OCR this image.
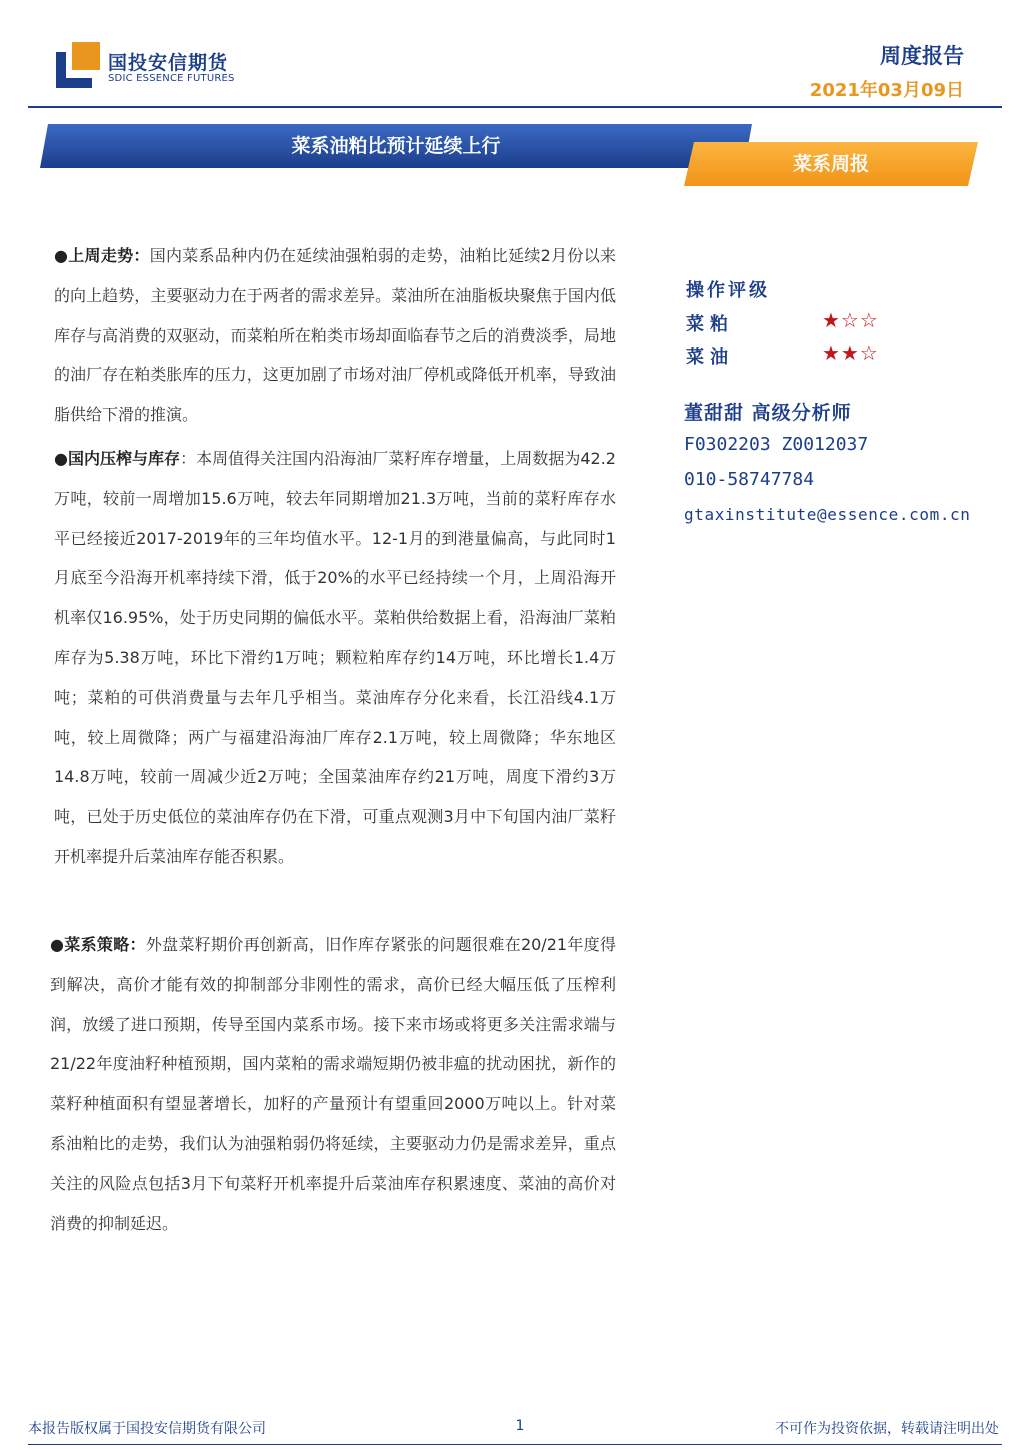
国投安信期货
SDIC ESSENCE FUTURES
周度报告
2021年03月09日
菜系油粕比预计延续上行
菜系周报
●上周走势：国内菜系品种内仍在延续油强粕弱的走势，油粕比延续2月份以来的向上趋势，主要驱动力在于两者的需求差异。菜油所在油脂板块聚焦于国内低库存与高消费的双驱动，而菜粕所在粕类市场却面临春节之后的消费淡季，局地的油厂存在粕类胀库的压力，这更加剧了市场对油厂停机或降低开机率，导致油脂供给下滑的推演。
●国内压榨与库存：本周值得关注国内沿海油厂菜籽库存增量，上周数据为42.2万吨，较前一周增加15.6万吨，较去年同期增加21.3万吨，当前的菜籽库存水平已经接近2017-2019年的三年均值水平。12-1月的到港量偏高，与此同时1月底至今沿海开机率持续下滑，低于20%的水平已经持续一个月，上周沿海开机率仅16.95%，处于历史同期的偏低水平。菜粕供给数据上看，沿海油厂菜粕库存为5.38万吨，环比下滑约1万吨；颗粒粕库存约14万吨，环比增长1.4万吨；菜粕的可供消费量与去年几乎相当。菜油库存分化来看，长江沿线4.1万吨，较上周微降；两广与福建沿海油厂库存2.1万吨，较上周微降；华东地区14.8万吨，较前一周减少近2万吨；全国菜油库存约21万吨，周度下滑约3万吨，已处于历史低位的菜油库存仍在下滑，可重点观测3月中下旬国内油厂菜籽开机率提升后菜油库存能否积累。
●菜系策略：外盘菜籽期价再创新高，旧作库存紧张的问题很难在20/21年度得到解决，高价才能有效的抑制部分非刚性的需求，高价已经大幅压低了压榨利润，放缓了进口预期，传导至国内菜系市场。接下来市场或将更多关注需求端与21/22年度油籽种植预期，国内菜粕的需求端短期仍被非瘟的扰动困扰，新作的菜籽种植面积有望显著增长，加籽的产量预计有望重回2000万吨以上。针对菜系油粕比的走势，我们认为油强粕弱仍将延续，主要驱动力仍是需求差异，重点关注的风险点包括3月下旬菜籽开机率提升后菜油库存积累速度、菜油的高价对消费的抑制延迟。
操作评级
菜粕	★☆☆
菜油	★★☆
董甜甜 高级分析师
F0302203 Z0012037
010-58747784
gtaxinstitute@essence.com.cn
本报告版权属于国投安信期货有限公司	1	不可作为投资依据，转载请注明出处
